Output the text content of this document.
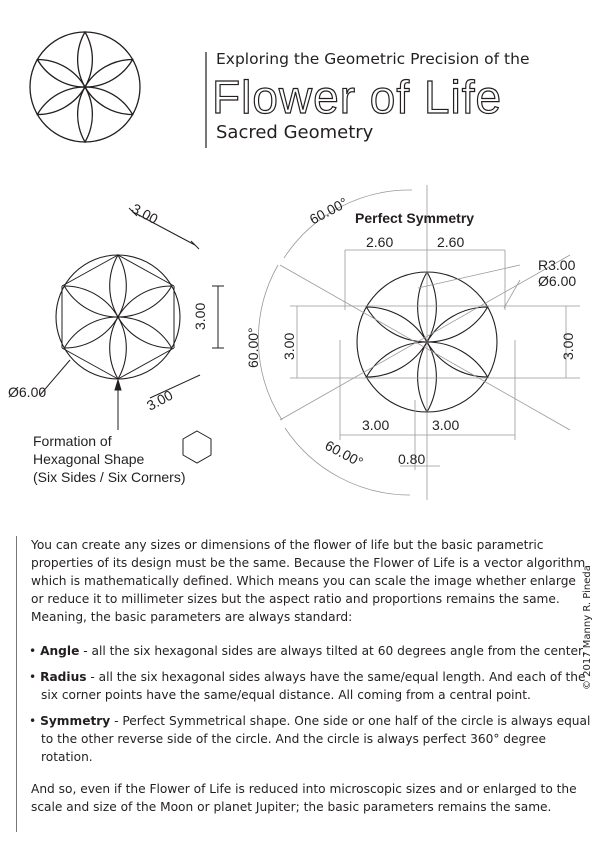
3.00
3.00
3.00
Ø6.00
Formation of
Hexagonal Shape
(Six Sides / Six Corners)
Perfect Symmetry
2.60	2.60
R3.00
Ø6.00
3.00	3.00
3.00	3.00
0.80
60.00°
60.00°
60.00°
Exploring the Geometric Precision of the
Flower of Life
Sacred Geometry
© 2017 Manny R. Pineda

You can create any sizes or dimensions of the flower of life but the basic parametric properties of its design must be the same. Because the Flower of Life is a vector algorithm which is mathematically defined. Which means you can scale the image whether enlarge or reduce it to millimeter sizes but the aspect ratio and proportions remains the same. Meaning, the basic parameters are always standard:

• Angle - all the six hexagonal sides are always tilted at 60 degrees angle from the center.
• Radius - all the six hexagonal sides always have the same/equal length. And each of the six corner points have the same/equal distance. All coming from a central point.
• Symmetry - Perfect Symmetrical shape. One side or one half of the circle is always equal to the other reverse side of the circle. And the circle is always perfect 360° degree rotation.

And so, even if the Flower of Life is reduced into microscopic sizes and or enlarged to the scale and size of the Moon or planet Jupiter; the basic parameters remains the same.
